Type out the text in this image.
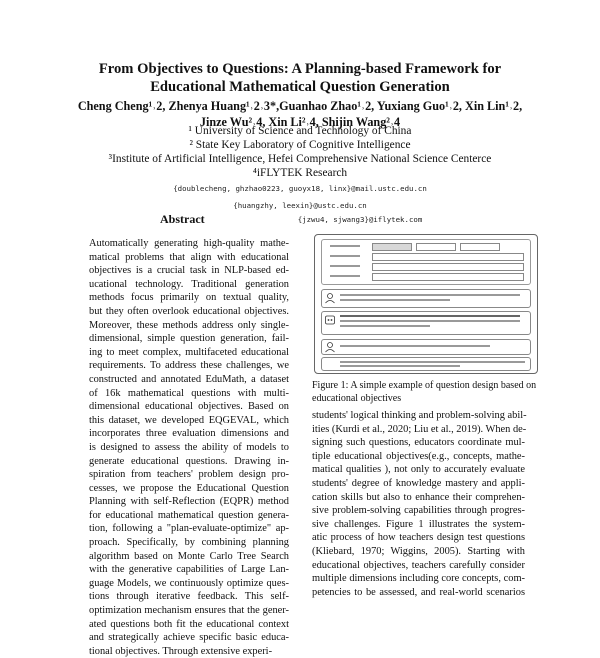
From Objectives to Questions: A Planning-based Framework for
Educational Mathematical Question Generation
Cheng Cheng¹˒2, Zhenya Huang¹˒2˒3*,Guanhao Zhao¹˒2, Yuxiang Guo¹˒2, Xin Lin¹˒2,
Jinze Wu²˒4, Xin Li²˒4, Shijin Wang²˒4
¹ University of Science and Technology of China
² State Key Laboratory of Cognitive Intelligence
³Institute of Artificial Intelligence, Hefei Comprehensive National Science Centerce
⁴iFLYTEK Research
{doublecheng, ghzhao0223, guoyx18, linx}@mail.ustc.edu.cn
{huangzhy, leexin}@ustc.edu.cn
{jzwu4, sjwang3}@iflytek.com
Abstract
Automatically generating high-quality mathe-
matical problems that align with educational
objectives is a crucial task in NLP-based ed-
ucational technology. Traditional generation
methods focus primarily on textual quality,
but they often overlook educational objectives.
Moreover, these methods address only single-
dimensional, simple question generation, fail-
ing to meet complex, multifaceted educational
requirements. To address these challenges, we
constructed and annotated EduMath, a dataset
of 16k mathematical questions with multi-
dimensional educational objectives. Based on
this dataset, we developed EQGEVAL, which
incorporates three evaluation dimensions and
is designed to assess the ability of models to
generate educational questions. Drawing in-
spiration from teachers' problem design pro-
cesses, we propose the Educational Question
Planning with self-Reflection (EQPR) method
for educational mathematical question genera-
tion, following a "plan-evaluate-optimize" ap-
proach. Specifically, by combining planning
algorithm based on Monte Carlo Tree Search
with the generative capabilities of Large Lan-
guage Models, we continuously optimize ques-
tions through iterative feedback. This self-
optimization mechanism ensures that the gener-
ated questions both fit the educational context
and strategically achieve specific basic educa-
tional objectives. Through extensive experi-
Figure 1: A simple example of question design based on educational objectives
students' logical thinking and problem-solving abil-
ities (Kurdi et al., 2020; Liu et al., 2019). When de-
signing such questions, educators coordinate mul-
tiple educational objectives(e.g., concepts, mathe-
matical qualities ), not only to accurately evaluate
students' degree of knowledge mastery and appli-
cation skills but also to enhance their comprehen-
sive problem-solving capabilities through progres-
sive challenges. Figure 1 illustrates the system-
atic process of how teachers design test questions
(Kliebard, 1970; Wiggins, 2005). Starting with
educational objectives, teachers carefully consider
multiple dimensions including core concepts, com-
petencies to be assessed, and real-world scenarios
